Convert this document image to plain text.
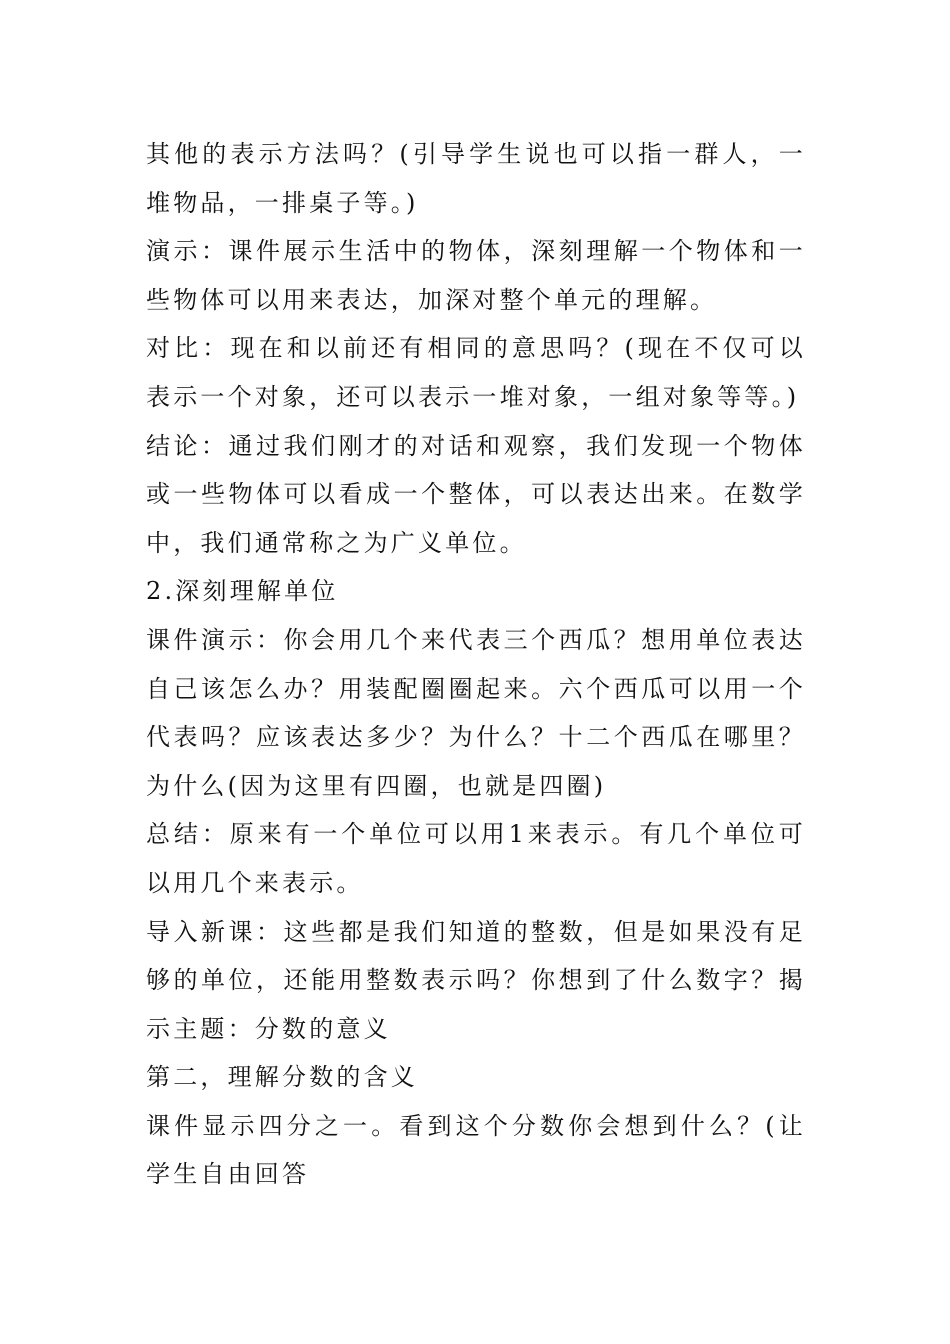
其他的表示方法吗？(引导学生说也可以指一群人，一堆物品，一排桌子等。)

演示：课件展示生活中的物体，深刻理解一个物体和一些物体可以用来表达，加深对整个单元的理解。

对比：现在和以前还有相同的意思吗？(现在不仅可以表示一个对象，还可以表示一堆对象，一组对象等等。)

结论：通过我们刚才的对话和观察，我们发现一个物体或一些物体可以看成一个整体，可以表达出来。在数学中，我们通常称之为广义单位。

2.深刻理解单位

课件演示：你会用几个来代表三个西瓜？想用单位表达自己该怎么办？用装配圈圈起来。六个西瓜可以用一个代表吗？应该表达多少？为什么？十二个西瓜在哪里？为什么(因为这里有四圈，也就是四圈)

总结：原来有一个单位可以用1来表示。有几个单位可以用几个来表示。

导入新课：这些都是我们知道的整数，但是如果没有足够的单位，还能用整数表示吗？你想到了什么数字？揭示主题：分数的意义

第二，理解分数的含义

课件显示四分之一。看到这个分数你会想到什么？(让学生自由回答
